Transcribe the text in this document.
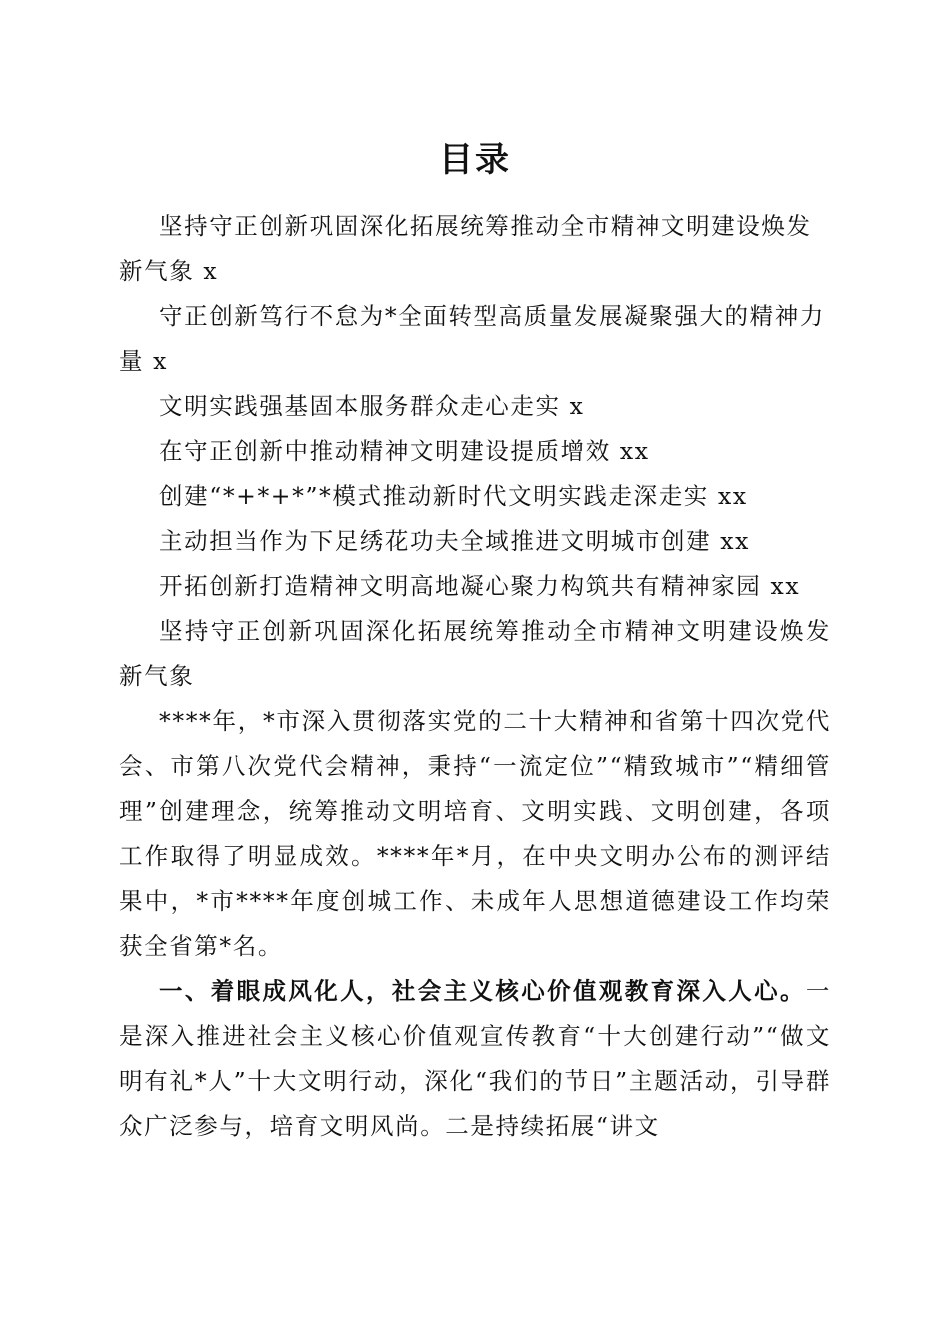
目录

坚持守正创新巩固深化拓展统筹推动全市精神文明建设焕发新气象 x

守正创新笃行不怠为*全面转型高质量发展凝聚强大的精神力量 x

文明实践强基固本服务群众走心走实 x

在守正创新中推动精神文明建设提质增效 xx

创建“*+*+*”*模式推动新时代文明实践走深走实 xx

主动担当作为下足绣花功夫全域推进文明城市创建 xx

开拓创新打造精神文明高地凝心聚力构筑共有精神家园 xx

坚持守正创新巩固深化拓展统筹推动全市精神文明建设焕发新气象

****年，*市深入贯彻落实党的二十大精神和省第十四次党代会、市第八次党代会精神，秉持“一流定位”“精致城市”“精细管理”创建理念，统筹推动文明培育、文明实践、文明创建，各项工作取得了明显成效。****年*月，在中央文明办公布的测评结果中，*市****年度创城工作、未成年人思想道德建设工作均荣获全省第*名。

一、着眼成风化人，社会主义核心价值观教育深入人心。一是深入推进社会主义核心价值观宣传教育“十大创建行动”“做文明有礼*人”十大文明行动，深化“我们的节日”主题活动，引导群众广泛参与，培育文明风尚。二是持续拓展“讲文
